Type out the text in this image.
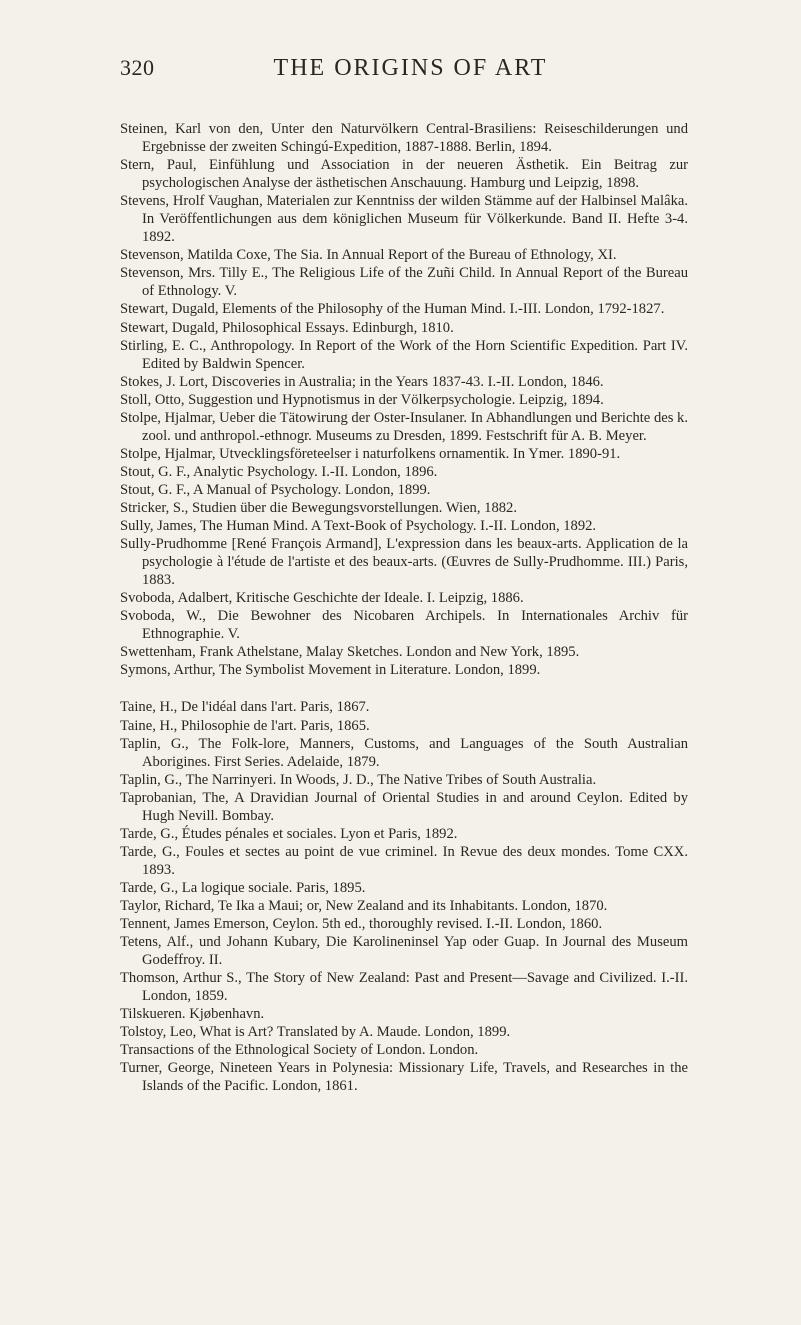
320	THE ORIGINS OF ART
Steinen, Karl von den, Unter den Naturvölkern Central-Brasiliens: Reiseschilderungen und Ergebnisse der zweiten Schingú-Expedition, 1887-1888. Berlin, 1894.
Stern, Paul, Einfühlung und Association in der neueren Ästhetik. Ein Beitrag zur psychologischen Analyse der ästhetischen Anschauung. Hamburg und Leipzig, 1898.
Stevens, Hrolf Vaughan, Materialen zur Kenntniss der wilden Stämme auf der Halbinsel Malâka. In Veröffentlichungen aus dem königlichen Museum für Völkerkunde. Band II. Hefte 3-4. 1892.
Stevenson, Matilda Coxe, The Sia. In Annual Report of the Bureau of Ethnology, XI.
Stevenson, Mrs. Tilly E., The Religious Life of the Zuñi Child. In Annual Report of the Bureau of Ethnology. V.
Stewart, Dugald, Elements of the Philosophy of the Human Mind. I.-III. London, 1792-1827.
Stewart, Dugald, Philosophical Essays. Edinburgh, 1810.
Stirling, E. C., Anthropology. In Report of the Work of the Horn Scientific Expedition. Part IV. Edited by Baldwin Spencer.
Stokes, J. Lort, Discoveries in Australia; in the Years 1837-43. I.-II. London, 1846.
Stoll, Otto, Suggestion und Hypnotismus in der Völkerpsychologie. Leipzig, 1894.
Stolpe, Hjalmar, Ueber die Tätowirung der Oster-Insulaner. In Abhandlungen und Berichte des k. zool. und anthropol.-ethnogr. Museums zu Dresden, 1899. Festschrift für A. B. Meyer.
Stolpe, Hjalmar, Utvecklingsföreteelser i naturfolkens ornamentik. In Ymer. 1890-91.
Stout, G. F., Analytic Psychology. I.-II. London, 1896.
Stout, G. F., A Manual of Psychology. London, 1899.
Stricker, S., Studien über die Bewegungsvorstellungen. Wien, 1882.
Sully, James, The Human Mind. A Text-Book of Psychology. I.-II. London, 1892.
Sully-Prudhomme [René François Armand], L'expression dans les beaux-arts. Application de la psychologie à l'étude de l'artiste et des beaux-arts. (Œuvres de Sully-Prudhomme. III.) Paris, 1883.
Svoboda, Adalbert, Kritische Geschichte der Ideale. I. Leipzig, 1886.
Svoboda, W., Die Bewohner des Nicobaren Archipels. In Internationales Archiv für Ethnographie. V.
Swettenham, Frank Athelstane, Malay Sketches. London and New York, 1895.
Symons, Arthur, The Symbolist Movement in Literature. London, 1899.
Taine, H., De l'idéal dans l'art. Paris, 1867.
Taine, H., Philosophie de l'art. Paris, 1865.
Taplin, G., The Folk-lore, Manners, Customs, and Languages of the South Australian Aborigines. First Series. Adelaide, 1879.
Taplin, G., The Narrinyeri. In Woods, J. D., The Native Tribes of South Australia.
Taprobanian, The, A Dravidian Journal of Oriental Studies in and around Ceylon. Edited by Hugh Nevill. Bombay.
Tarde, G., Études pénales et sociales. Lyon et Paris, 1892.
Tarde, G., Foules et sectes au point de vue criminel. In Revue des deux mondes. Tome CXX. 1893.
Tarde, G., La logique sociale. Paris, 1895.
Taylor, Richard, Te Ika a Maui; or, New Zealand and its Inhabitants. London, 1870.
Tennent, James Emerson, Ceylon. 5th ed., thoroughly revised. I.-II. London, 1860.
Tetens, Alf., und Johann Kubary, Die Karolineninsel Yap oder Guap. In Journal des Museum Godeffroy. II.
Thomson, Arthur S., The Story of New Zealand: Past and Present—Savage and Civilized. I.-II. London, 1859.
Tilskueren. Kjøbenhavn.
Tolstoy, Leo, What is Art? Translated by A. Maude. London, 1899.
Transactions of the Ethnological Society of London. London.
Turner, George, Nineteen Years in Polynesia: Missionary Life, Travels, and Researches in the Islands of the Pacific. London, 1861.
